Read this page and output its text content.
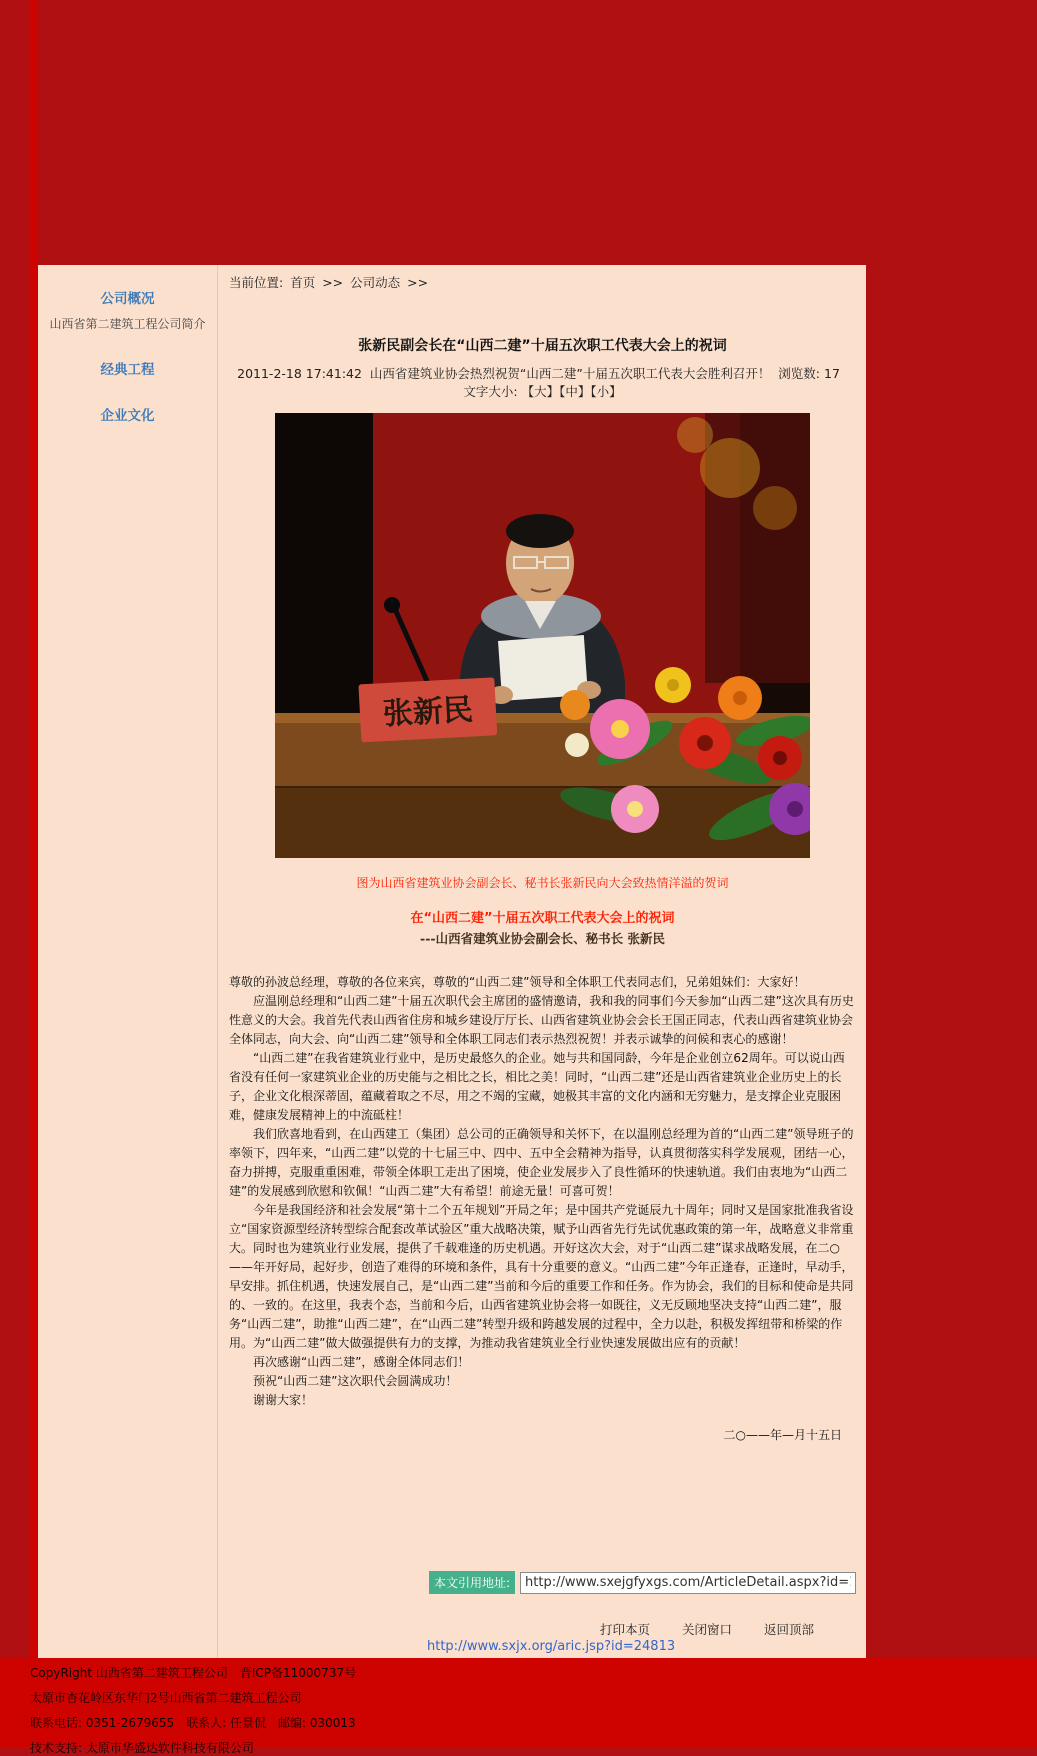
公司概况
山西省第二建筑工程公司简介
经典工程
企业文化
当前位置: 首页 >> 公司动态 >>
张新民副会长在“山西二建”十届五次职工代表大会上的祝词
2011-2-18 17:41:42 山西省建筑业协会热烈祝贺“山西二建”十届五次职工代表大会胜利召开！ 浏览数: 17   文字大小: 【大】【中】【小】
张新民
图为山西省建筑业协会副会长、秘书长张新民向大会致热情洋溢的贺词
在“山西二建”十届五次职工代表大会上的祝词
---山西省建筑业协会副会长、秘书长 张新民

尊敬的孙波总经理，尊敬的各位来宾，尊敬的“山西二建”领导和全体职工代表同志们，兄弟姐妹们：大家好！

应温刚总经理和“山西二建”十届五次职代会主席团的盛情邀请，我和我的同事们今天参加“山西二建”这次具有历史性意义的大会。我首先代表山西省住房和城乡建设厅厅长、山西省建筑业协会会长王国正同志，代表山西省建筑业协会全体同志，向大会、向“山西二建”领导和全体职工同志们表示热烈祝贺！并表示诚挚的问候和衷心的感谢！

“山西二建”在我省建筑业行业中，是历史最悠久的企业。她与共和国同龄，今年是企业创立62周年。可以说山西省没有任何一家建筑业企业的历史能与之相比之长，相比之美！同时，“山西二建”还是山西省建筑业企业历史上的长子，企业文化根深蒂固，蕴藏着取之不尽，用之不竭的宝藏，她极其丰富的文化内涵和无穷魅力，是支撑企业克服困难，健康发展精神上的中流砥柱！

我们欣喜地看到，在山西建工（集团）总公司的正确领导和关怀下，在以温刚总经理为首的“山西二建”领导班子的率领下，四年来，“山西二建”以党的十七届三中、四中、五中全会精神为指导，认真贯彻落实科学发展观，团结一心，奋力拼搏，克服重重困难，带领全体职工走出了困境，使企业发展步入了良性循环的快速轨道。我们由衷地为“山西二建”的发展感到欣慰和钦佩！“山西二建”大有希望！前途无量！可喜可贺！

今年是我国经济和社会发展“第十二个五年规划”开局之年；是中国共产党诞辰九十周年；同时又是国家批准我省设立“国家资源型经济转型综合配套改革试验区”重大战略决策，赋予山西省先行先试优惠政策的第一年，战略意义非常重大。同时也为建筑业行业发展，提供了千载难逢的历史机遇。开好这次大会，对于“山西二建”谋求战略发展，在二○——年开好局，起好步，创造了难得的环境和条件，具有十分重要的意义。“山西二建”今年正逢春，正逢时，早动手，早安排。抓住机遇，快速发展自己，是“山西二建”当前和今后的重要工作和任务。作为协会，我们的目标和使命是共同的、一致的。在这里，我表个态，当前和今后，山西省建筑业协会将一如既往，义无反顾地坚决支持“山西二建”，服务“山西二建”，助推“山西二建”，在“山西二建”转型升级和跨越发展的过程中，全力以赴，积极发挥纽带和桥梁的作用。为“山西二建”做大做强提供有力的支撑，为推动我省建筑业全行业快速发展做出应有的贡献！

再次感谢“山西二建”，感谢全体同志们！

预祝“山西二建”这次职代会圆满成功！

谢谢大家！

二○——年—月十五日
本文引用地址:
http://www.sxejgfyxgs.com/ArticleDetail.aspx?id=194
打印本页	关闭窗口	返回顶部
http://www.sxjx.org/aric.jsp?id=24813
CopyRight 山西省第二建筑工程公司　晋ICP备11000737号
太原市杏花岭区东华门2号山西省第二建筑工程公司
联系电话: 0351-2679655　联系人: 任景侃　邮编: 030013
技术支持: 太原市华盛达软件科技有限公司
